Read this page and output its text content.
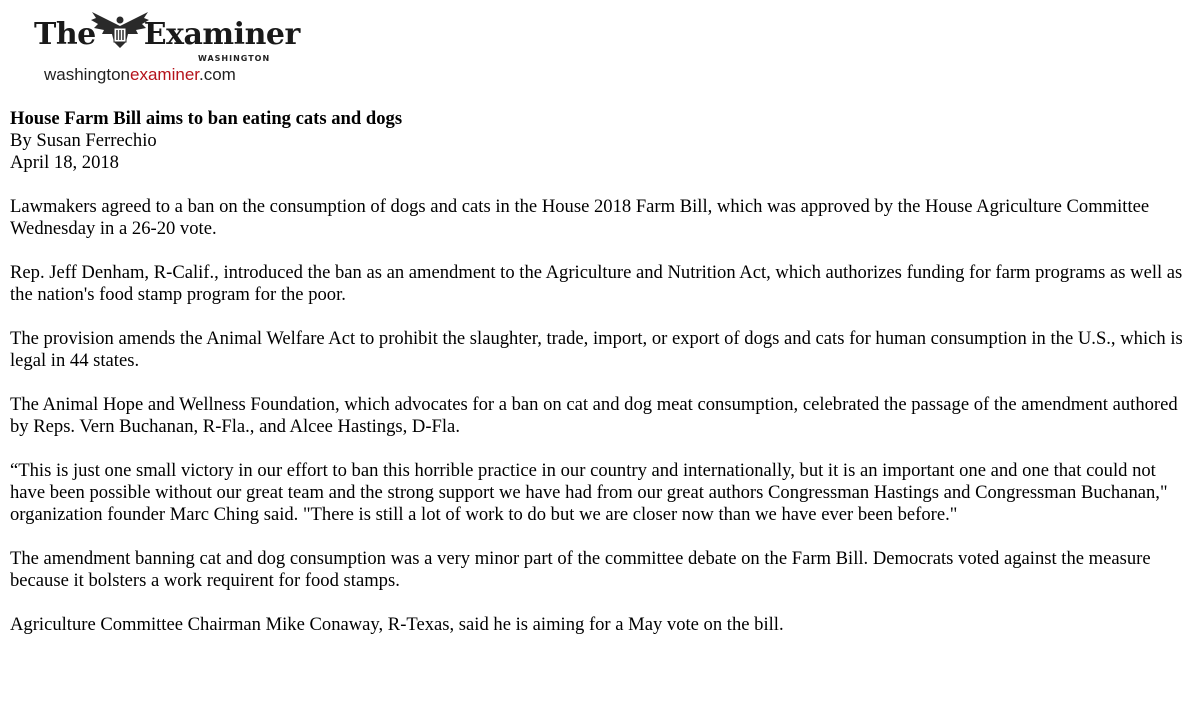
The Examiner
WASHINGTON
washingtonexaminer.com
House Farm Bill aims to ban eating cats and dogs
By Susan Ferrechio
April 18, 2018

Lawmakers agreed to a ban on the consumption of dogs and cats in the House 2018 Farm Bill, which was approved by the House Agriculture Committee Wednesday in a 26-20 vote.

Rep. Jeff Denham, R-Calif., introduced the ban as an amendment to the Agriculture and Nutrition Act, which authorizes funding for farm programs as well as the nation's food stamp program for the poor.

The provision amends the Animal Welfare Act to prohibit the slaughter, trade, import, or export of dogs and cats for human consumption in the U.S., which is legal in 44 states.

The Animal Hope and Wellness Foundation, which advocates for a ban on cat and dog meat consumption, celebrated the passage of the amendment authored by Reps. Vern Buchanan, R-Fla., and Alcee Hastings, D-Fla.

“This is just one small victory in our effort to ban this horrible practice in our country and internationally, but it is an important one and one that could not have been possible without our great team and the strong support we have had from our great authors Congressman Hastings and Congressman Buchanan," organization founder Marc Ching said. "There is still a lot of work to do but we are closer now than we have ever been before."

The amendment banning cat and dog consumption was a very minor part of the committee debate on the Farm Bill. Democrats voted against the measure because it bolsters a work requirent for food stamps.

Agriculture Committee Chairman Mike Conaway, R-Texas, said he is aiming for a May vote on the bill.
